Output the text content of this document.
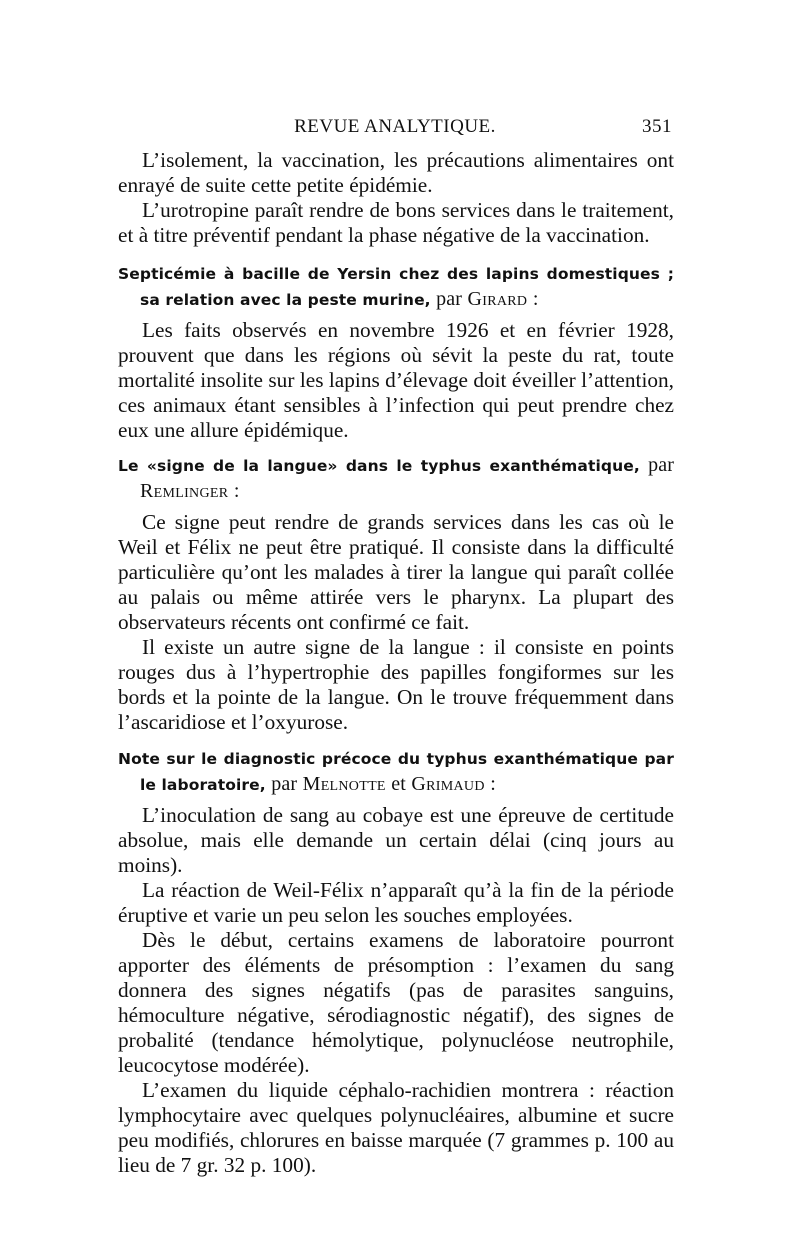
REVUE ANALYTIQUE.	351

L’isolement, la vaccination, les précautions alimentaires ont enrayé de suite cette petite épidémie.

L’urotropine paraît rendre de bons services dans le traitement, et à titre préventif pendant la phase négative de la vaccination.

Septicémie à bacille de Yersin chez des lapins domestiques ; sa relation avec la peste murine, par Girard :

Les faits observés en novembre 1926 et en février 1928, prouvent que dans les régions où sévit la peste du rat, toute mortalité insolite sur les lapins d’élevage doit éveiller l’attention, ces animaux étant sensibles à l’infection qui peut prendre chez eux une allure épidémique.

Le «signe de la langue» dans le typhus exanthématique, par Remlinger :

Ce signe peut rendre de grands services dans les cas où le Weil et Félix ne peut être pratiqué. Il consiste dans la difficulté particulière qu’ont les malades à tirer la langue qui paraît collée au palais ou même attirée vers le pharynx. La plupart des observateurs récents ont confirmé ce fait.

Il existe un autre signe de la langue : il consiste en points rouges dus à l’hypertrophie des papilles fongiformes sur les bords et la pointe de la langue. On le trouve fréquemment dans l’ascaridiose et l’oxyurose.

Note sur le diagnostic précoce du typhus exanthématique par le laboratoire, par Melnotte et Grimaud :

L’inoculation de sang au cobaye est une épreuve de certitude absolue, mais elle demande un certain délai (cinq jours au moins).

La réaction de Weil-Félix n’apparaît qu’à la fin de la période éruptive et varie un peu selon les souches employées.

Dès le début, certains examens de laboratoire pourront apporter des éléments de présomption : l’examen du sang donnera des signes négatifs (pas de parasites sanguins, hémoculture négative, sérodiagnostic négatif), des signes de probalité (tendance hémolytique, polynucléose neutrophile, leucocytose modérée).

L’examen du liquide céphalo-rachidien montrera : réaction lymphocytaire avec quelques polynucléaires, albumine et sucre peu modifiés, chlorures en baisse marquée (7 grammes p. 100 au lieu de 7 gr. 32 p. 100).
